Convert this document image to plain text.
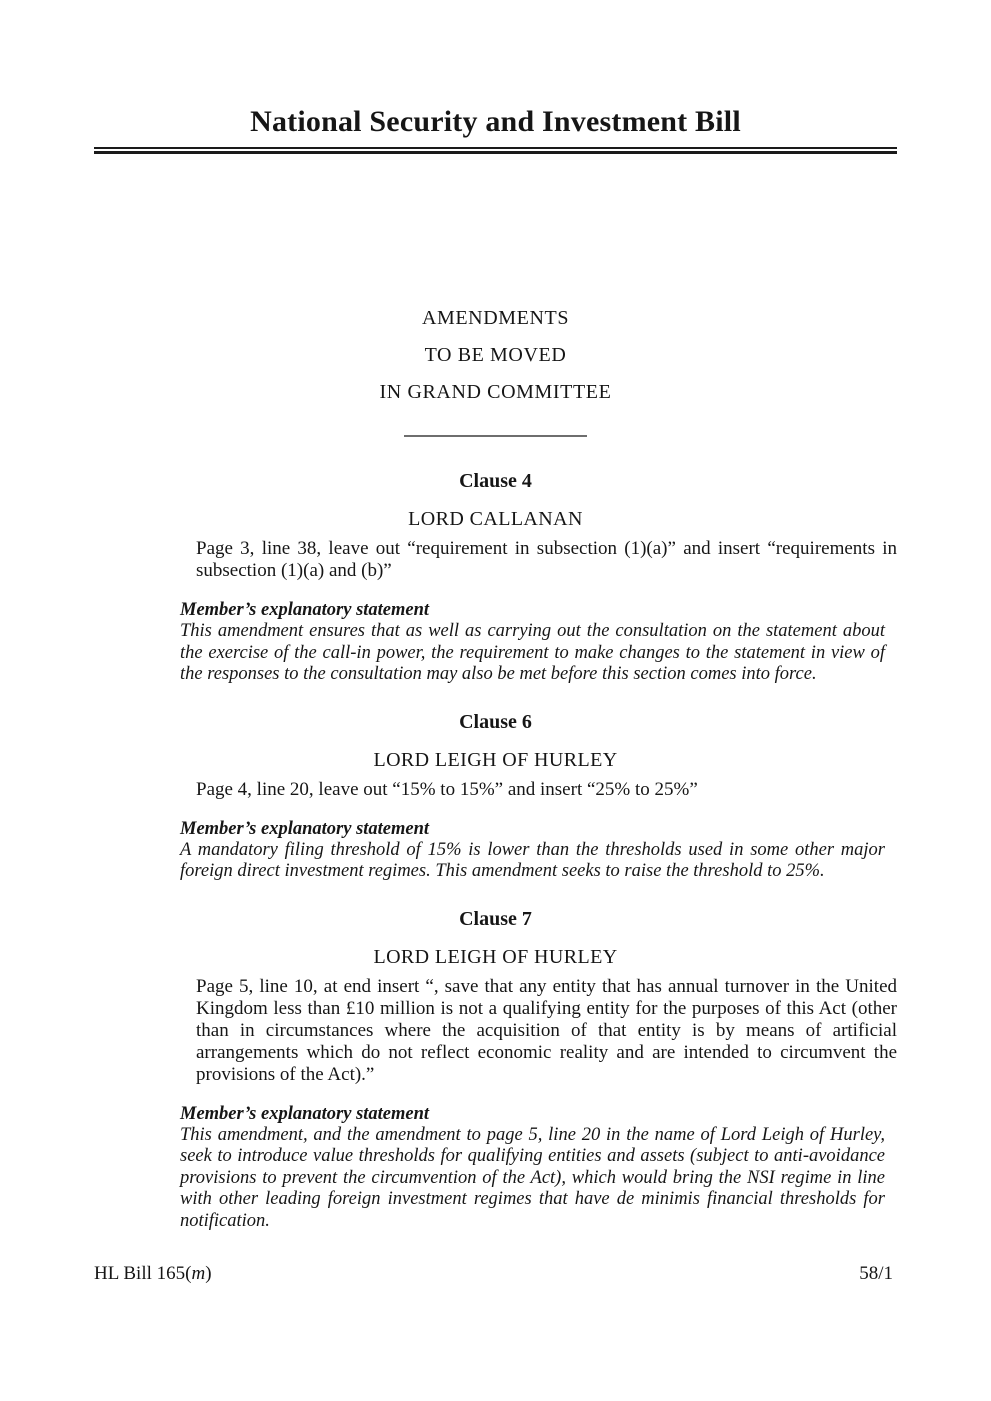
National Security and Investment Bill
AMENDMENTS
TO BE MOVED
IN GRAND COMMITTEE
Clause 4
LORD CALLANAN

Page 3, line 38, leave out “requirement in subsection (1)(a)” and insert “requirements in subsection (1)(a) and (b)”

Member’s explanatory statement

This amendment ensures that as well as carrying out the consultation on the statement about the exercise of the call-in power, the requirement to make changes to the statement in view of the responses to the consultation may also be met before this section comes into force.

Clause 6
LORD LEIGH OF HURLEY

Page 4, line 20, leave out “15% to 15%” and insert “25% to 25%”

Member’s explanatory statement

A mandatory filing threshold of 15% is lower than the thresholds used in some other major foreign direct investment regimes. This amendment seeks to raise the threshold to 25%.

Clause 7
LORD LEIGH OF HURLEY

Page 5, line 10, at end insert “, save that any entity that has annual turnover in the United Kingdom less than £10 million is not a qualifying entity for the purposes of this Act (other than in circumstances where the acquisition of that entity is by means of artificial arrangements which do not reflect economic reality and are intended to circumvent the provisions of the Act).”

Member’s explanatory statement

This amendment, and the amendment to page 5, line 20 in the name of Lord Leigh of Hurley, seek to introduce value thresholds for qualifying entities and assets (subject to anti-avoidance provisions to prevent the circumvention of the Act), which would bring the NSI regime in line with other leading foreign investment regimes that have de minimis financial thresholds for notification.

HL Bill 165(m)	58/1
